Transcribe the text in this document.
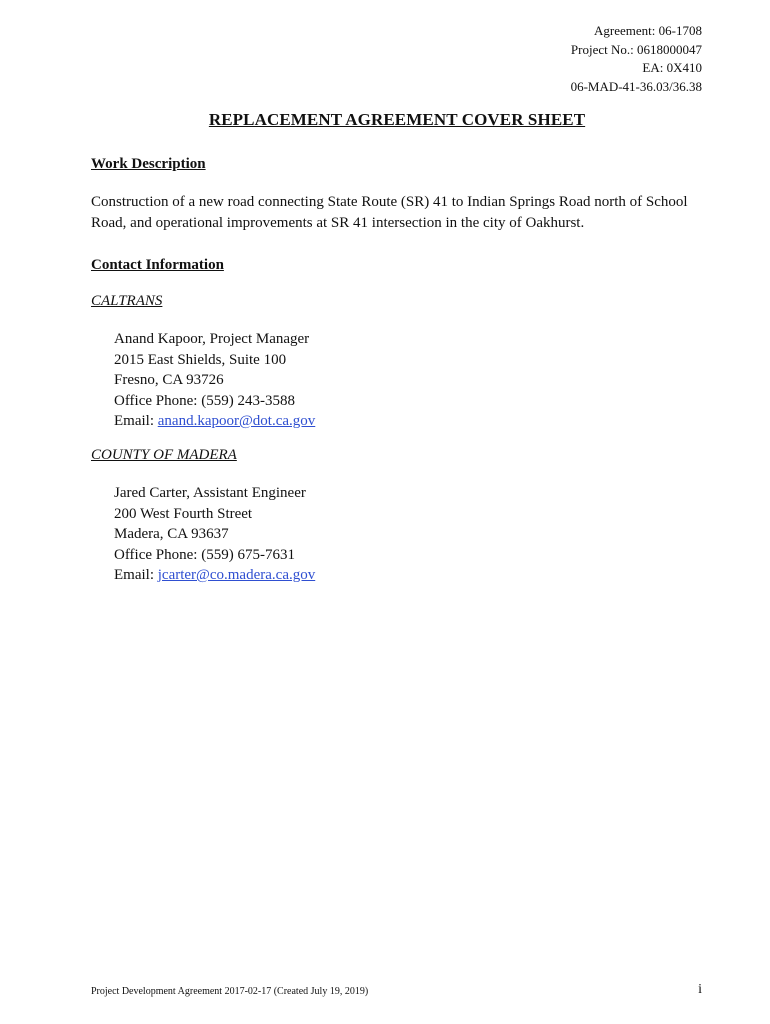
Agreement: 06-1708
Project No.: 0618000047
EA: 0X410
06-MAD-41-36.03/36.38
REPLACEMENT AGREEMENT COVER SHEET
Work Description
Construction of a new road connecting State Route (SR) 41 to Indian Springs Road north of School Road, and operational improvements at SR 41 intersection in the city of Oakhurst.
Contact Information
CALTRANS
Anand Kapoor, Project Manager
2015 East Shields, Suite 100
Fresno, CA 93726
Office Phone: (559) 243-3588
Email: anand.kapoor@dot.ca.gov
COUNTY OF MADERA
Jared Carter, Assistant Engineer
200 West Fourth Street
Madera, CA 93637
Office Phone: (559) 675-7631
Email: jcarter@co.madera.ca.gov
Project Development Agreement 2017-02-17 (Created July 19, 2019)	i
